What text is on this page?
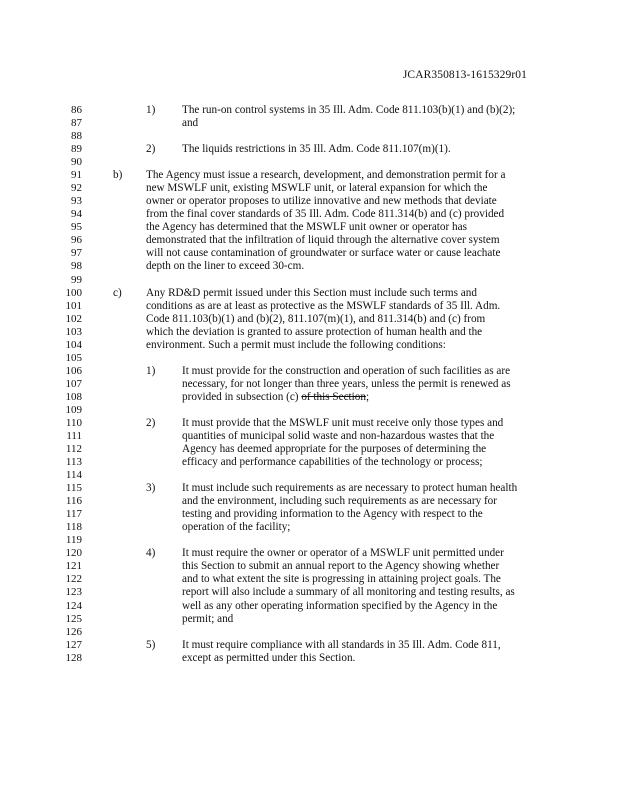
JCAR350813-1615329r01
86
87
88
89
90
91
92
93
94
95
96
97
98
99
100
101
102
103
104
105
106
107
108
109
110
111
112
113
114
115
116
117
118
119
120
121
122
123
124
125
126
127
128
1) The run-on control systems in 35 Ill. Adm. Code 811.103(b)(1) and (b)(2);
and
2) The liquids restrictions in 35 Ill. Adm. Code 811.107(m)(1).
b) The Agency must issue a research, development, and demonstration permit for a
new MSWLF unit, existing MSWLF unit, or lateral expansion for which the
owner or operator proposes to utilize innovative and new methods that deviate
from the final cover standards of 35 Ill. Adm. Code 811.314(b) and (c) provided
the Agency has determined that the MSWLF unit owner or operator has
demonstrated that the infiltration of liquid through the alternative cover system
will not cause contamination of groundwater or surface water or cause leachate
depth on the liner to exceed 30-cm.
c) Any RD&D permit issued under this Section must include such terms and
conditions as are at least as protective as the MSWLF standards of 35 Ill. Adm.
Code 811.103(b)(1) and (b)(2), 811.107(m)(1), and 811.314(b) and (c) from
which the deviation is granted to assure protection of human health and the
environment. Such a permit must include the following conditions:
1) It must provide for the construction and operation of such facilities as are
necessary, for not longer than three years, unless the permit is renewed as
provided in subsection (c) of this Section;
2) It must provide that the MSWLF unit must receive only those types and
quantities of municipal solid waste and non-hazardous wastes that the
Agency has deemed appropriate for the purposes of determining the
efficacy and performance capabilities of the technology or process;
3) It must include such requirements as are necessary to protect human health
and the environment, including such requirements as are necessary for
testing and providing information to the Agency with respect to the
operation of the facility;
4) It must require the owner or operator of a MSWLF unit permitted under
this Section to submit an annual report to the Agency showing whether
and to what extent the site is progressing in attaining project goals. The
report will also include a summary of all monitoring and testing results, as
well as any other operating information specified by the Agency in the
permit; and
5) It must require compliance with all standards in 35 Ill. Adm. Code 811,
except as permitted under this Section.
